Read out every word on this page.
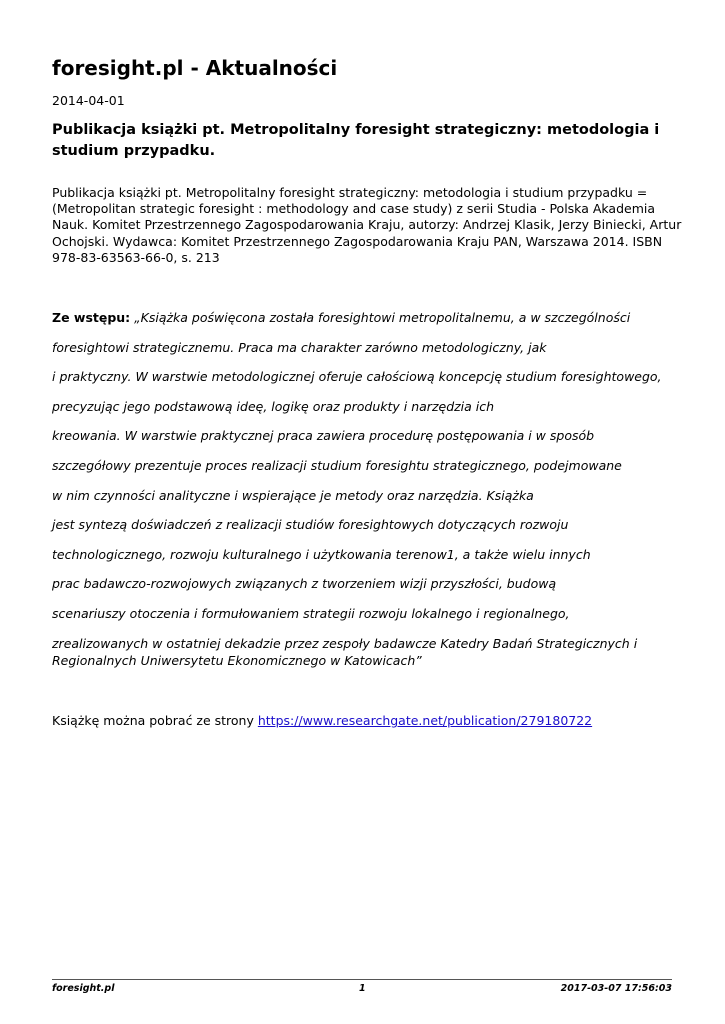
foresight.pl - Aktualności

2014-04-01

Publikacja książki pt. Metropolitalny foresight strategiczny: metodologia i studium przypadku.

Publikacja książki pt. Metropolitalny foresight strategiczny: metodologia i studium przypadku = (Metropolitan strategic foresight : methodology and case study) z serii Studia - Polska Akademia Nauk. Komitet Przestrzennego Zagospodarowania Kraju, autorzy: Andrzej Klasik, Jerzy Biniecki, Artur Ochojski. Wydawca: Komitet Przestrzennego Zagospodarowania Kraju PAN, Warszawa 2014. ISBN 978-83-63563-66-0, s. 213

Ze wstępu: „Książka poświęcona została foresightowi metropolitalnemu, a w szczególności

foresightowi strategicznemu. Praca ma charakter zarówno metodologiczny, jak

i praktyczny. W warstwie metodologicznej oferuje całościową koncepcję studium foresightowego,

precyzując jego podstawową ideę, logikę oraz produkty i narzędzia ich

kreowania. W warstwie praktycznej praca zawiera procedurę postępowania i w sposób

szczegółowy prezentuje proces realizacji studium foresightu strategicznego, podejmowane

w nim czynności analityczne i wspierające je metody oraz narzędzia. Książka

jest syntezą doświadczeń z realizacji studiów foresightowych dotyczących rozwoju

technologicznego, rozwoju kulturalnego i użytkowania terenow1, a także wielu innych

prac badawczo-rozwojowych związanych z tworzeniem wizji przyszłości, budową

scenariuszy otoczenia i formułowaniem strategii rozwoju lokalnego i regionalnego,

zrealizowanych w ostatniej dekadzie przez zespoły badawcze Katedry Badań Strategicznych i Regionalnych Uniwersytetu Ekonomicznego w Katowicach”

Książkę można pobrać ze strony https://www.researchgate.net/publication/279180722

foresight.pl	1	2017-03-07 17:56:03
